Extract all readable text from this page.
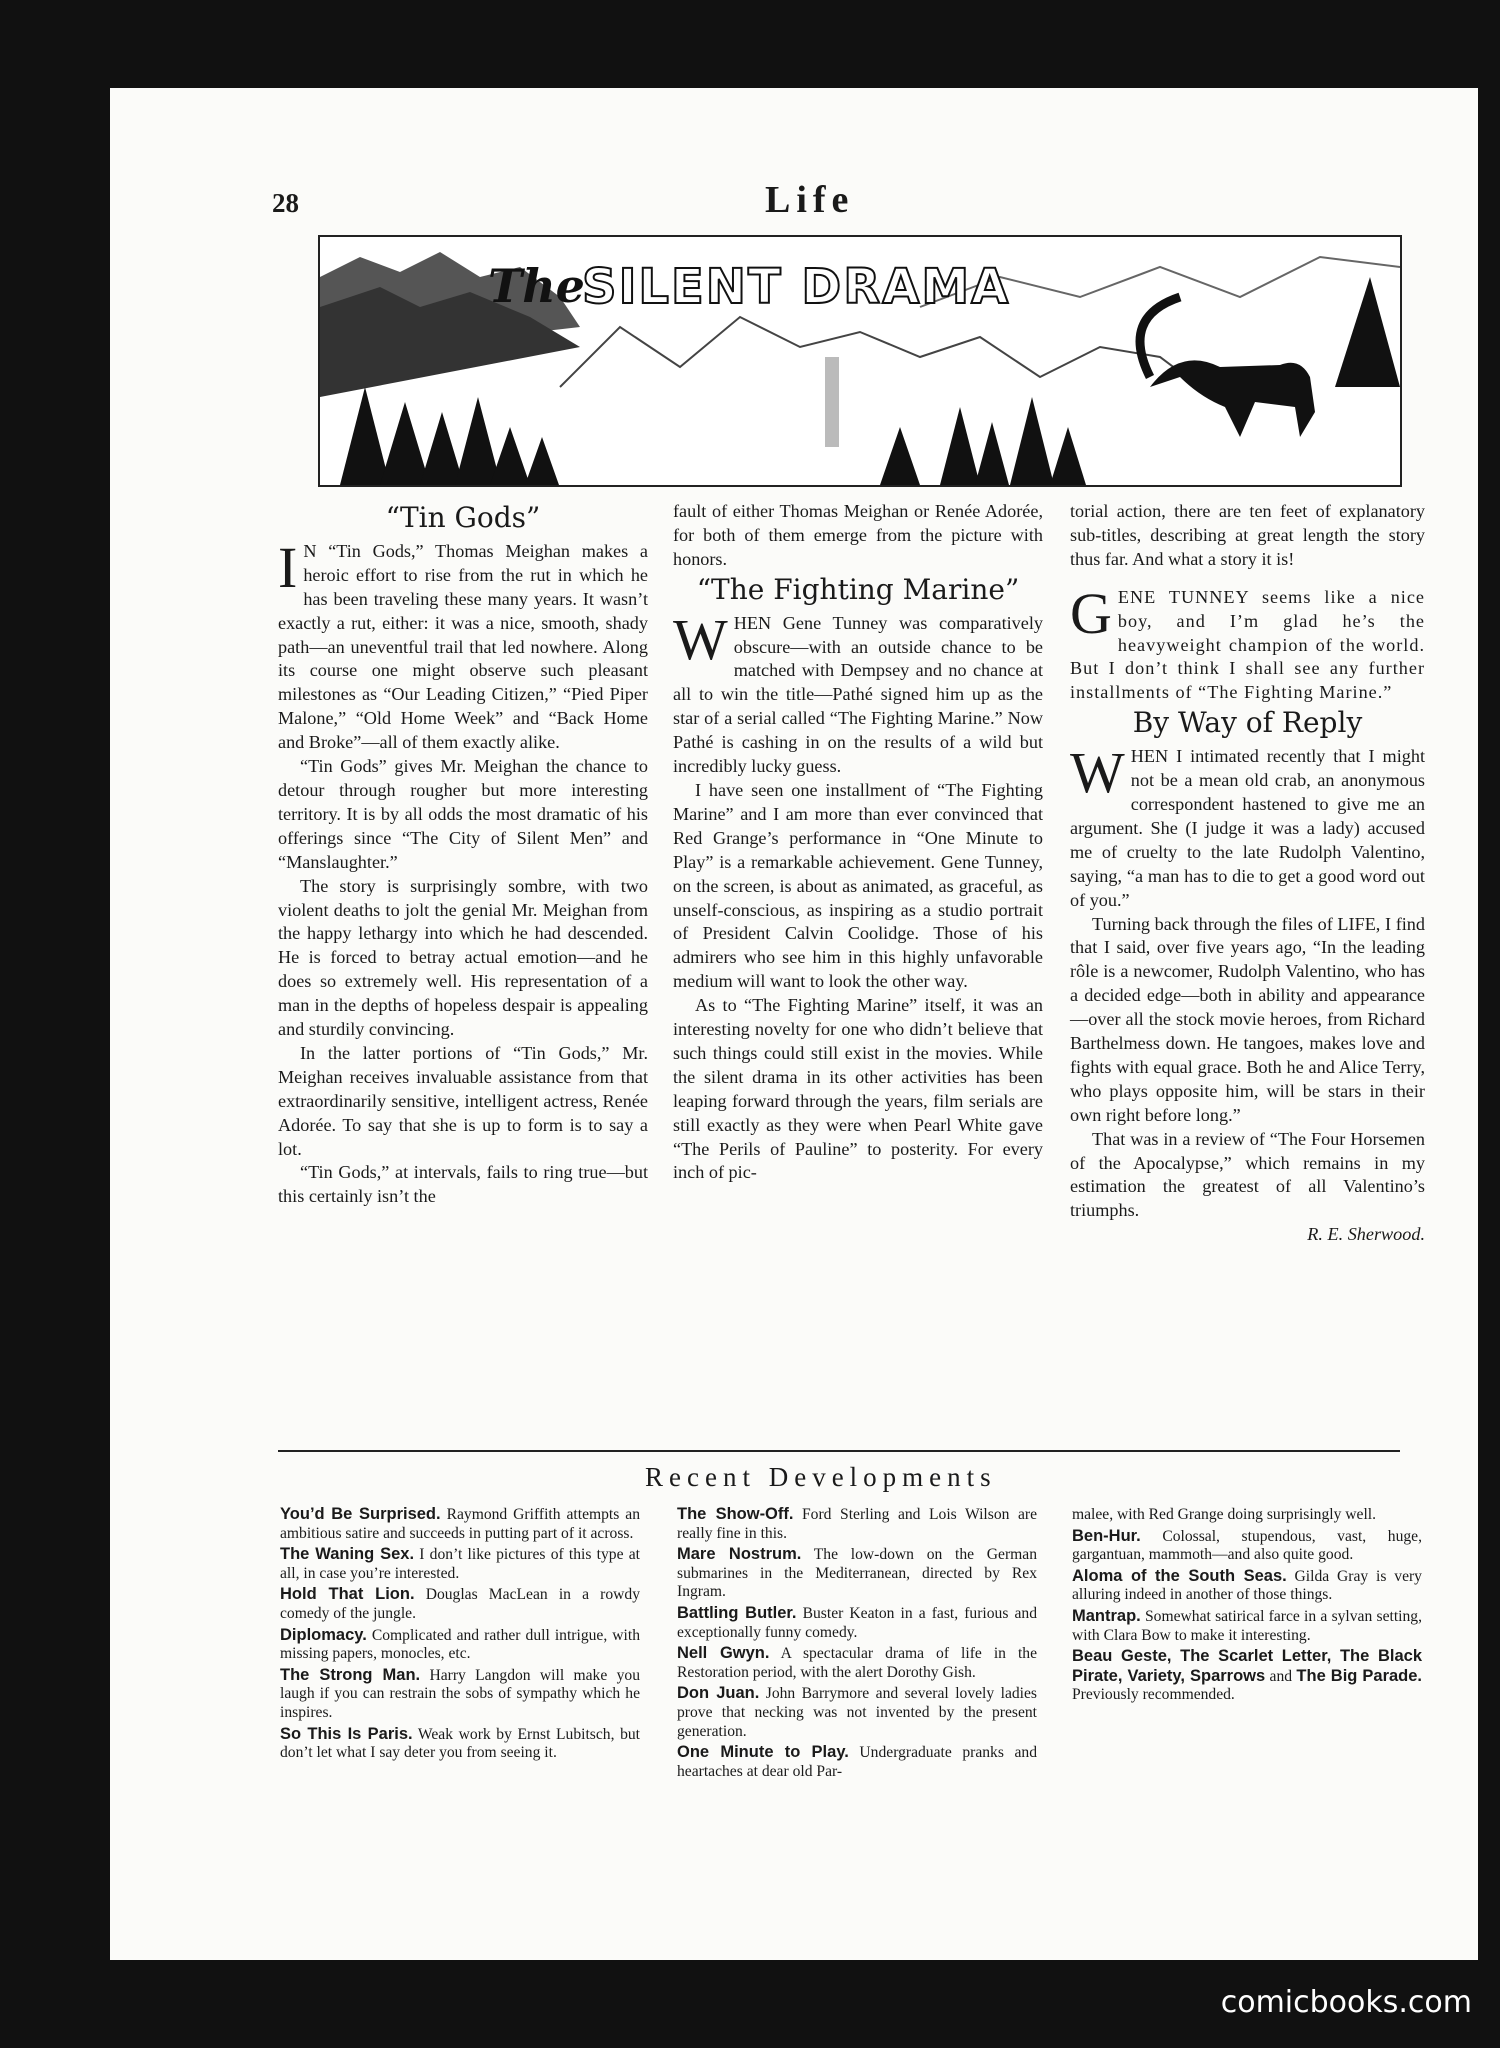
28	Life
The
SILENT DRAMA
“Tin Gods”

I N “Tin Gods,” Thomas Meighan makes a heroic effort to rise from the rut in which he has been traveling these many years. It wasn’t exactly a rut, either: it was a nice, smooth, shady path—an uneventful trail that led nowhere. Along its course one might observe such pleasant milestones as “Our Leading Citizen,” “Pied Piper Malone,” “Old Home Week” and “Back Home and Broke”—all of them exactly alike.

“Tin Gods” gives Mr. Meighan the chance to detour through rougher but more interesting territory. It is by all odds the most dramatic of his offerings since “The City of Silent Men” and “Manslaughter.”

The story is surprisingly sombre, with two violent deaths to jolt the genial Mr. Meighan from the happy lethargy into which he had descended. He is forced to betray actual emotion—and he does so extremely well. His representation of a man in the depths of hopeless despair is appealing and sturdily convincing.

In the latter portions of “Tin Gods,” Mr. Meighan receives invaluable assistance from that extraordinarily sensitive, intelligent actress, Renée Adorée. To say that she is up to form is to say a lot.

“Tin Gods,” at intervals, fails to ring true—but this certainly isn’t the

fault of either Thomas Meighan or Renée Adorée, for both of them emerge from the picture with honors.

“The Fighting Marine”

WHEN Gene Tunney was comparatively obscure—with an outside chance to be matched with Dempsey and no chance at all to win the title—Pathé signed him up as the star of a serial called “The Fighting Marine.” Now Pathé is cashing in on the results of a wild but incredibly lucky guess.

I have seen one installment of “The Fighting Marine” and I am more than ever convinced that Red Grange’s performance in “One Minute to Play” is a remarkable achievement. Gene Tunney, on the screen, is about as animated, as graceful, as unself-conscious, as inspiring as a studio portrait of President Calvin Coolidge. Those of his admirers who see him in this highly unfavorable medium will want to look the other way.

As to “The Fighting Marine” itself, it was an interesting novelty for one who didn’t believe that such things could still exist in the movies. While the silent drama in its other activities has been leaping forward through the years, film serials are still exactly as they were when Pearl White gave “The Perils of Pauline” to posterity. For every inch of pic-

torial action, there are ten feet of explanatory sub-titles, describing at great length the story thus far. And what a story it is!

GENE TUNNEY seems like a nice boy, and I’m glad he’s the heavyweight champion of the world. But I don’t think I shall see any further installments of “The Fighting Marine.”

By Way of Reply

WHEN I intimated recently that I might not be a mean old crab, an anonymous correspondent hastened to give me an argument. She (I judge it was a lady) accused me of cruelty to the late Rudolph Valentino, saying, “a man has to die to get a good word out of you.”

Turning back through the files of LIFE, I find that I said, over five years ago, “In the leading rôle is a newcomer, Rudolph Valentino, who has a decided edge—both in ability and appearance—over all the stock movie heroes, from Richard Barthelmess down. He tangoes, makes love and fights with equal grace. Both he and Alice Terry, who plays opposite him, will be stars in their own right before long.”

That was in a review of “The Four Horsemen of the Apocalypse,” which remains in my estimation the greatest of all Valentino’s triumphs.

R. E. Sherwood.
Recent Developments

You’d Be Surprised. Raymond Griffith attempts an ambitious satire and succeeds in putting part of it across.

The Waning Sex. I don’t like pictures of this type at all, in case you’re interested.

Hold That Lion. Douglas MacLean in a rowdy comedy of the jungle.

Diplomacy. Complicated and rather dull intrigue, with missing papers, monocles, etc.

The Strong Man. Harry Langdon will make you laugh if you can restrain the sobs of sympathy which he inspires.

So This Is Paris. Weak work by Ernst Lubitsch, but don’t let what I say deter you from seeing it.

The Show-Off. Ford Sterling and Lois Wilson are really fine in this.

Mare Nostrum. The low-down on the German submarines in the Mediterranean, directed by Rex Ingram.

Battling Butler. Buster Keaton in a fast, furious and exceptionally funny comedy.

Nell Gwyn. A spectacular drama of life in the Restoration period, with the alert Dorothy Gish.

Don Juan. John Barrymore and several lovely ladies prove that necking was not invented by the present generation.

One Minute to Play. Undergraduate pranks and heartaches at dear old Par-

malee, with Red Grange doing surprisingly well.

Ben-Hur. Colossal, stupendous, vast, huge, gargantuan, mammoth—and also quite good.

Aloma of the South Seas. Gilda Gray is very alluring indeed in another of those things.

Mantrap. Somewhat satirical farce in a sylvan setting, with Clara Bow to make it interesting.

Beau Geste, The Scarlet Letter, The Black Pirate, Variety, Sparrows and The Big Parade. Previously recommended.

comicbooks.com
